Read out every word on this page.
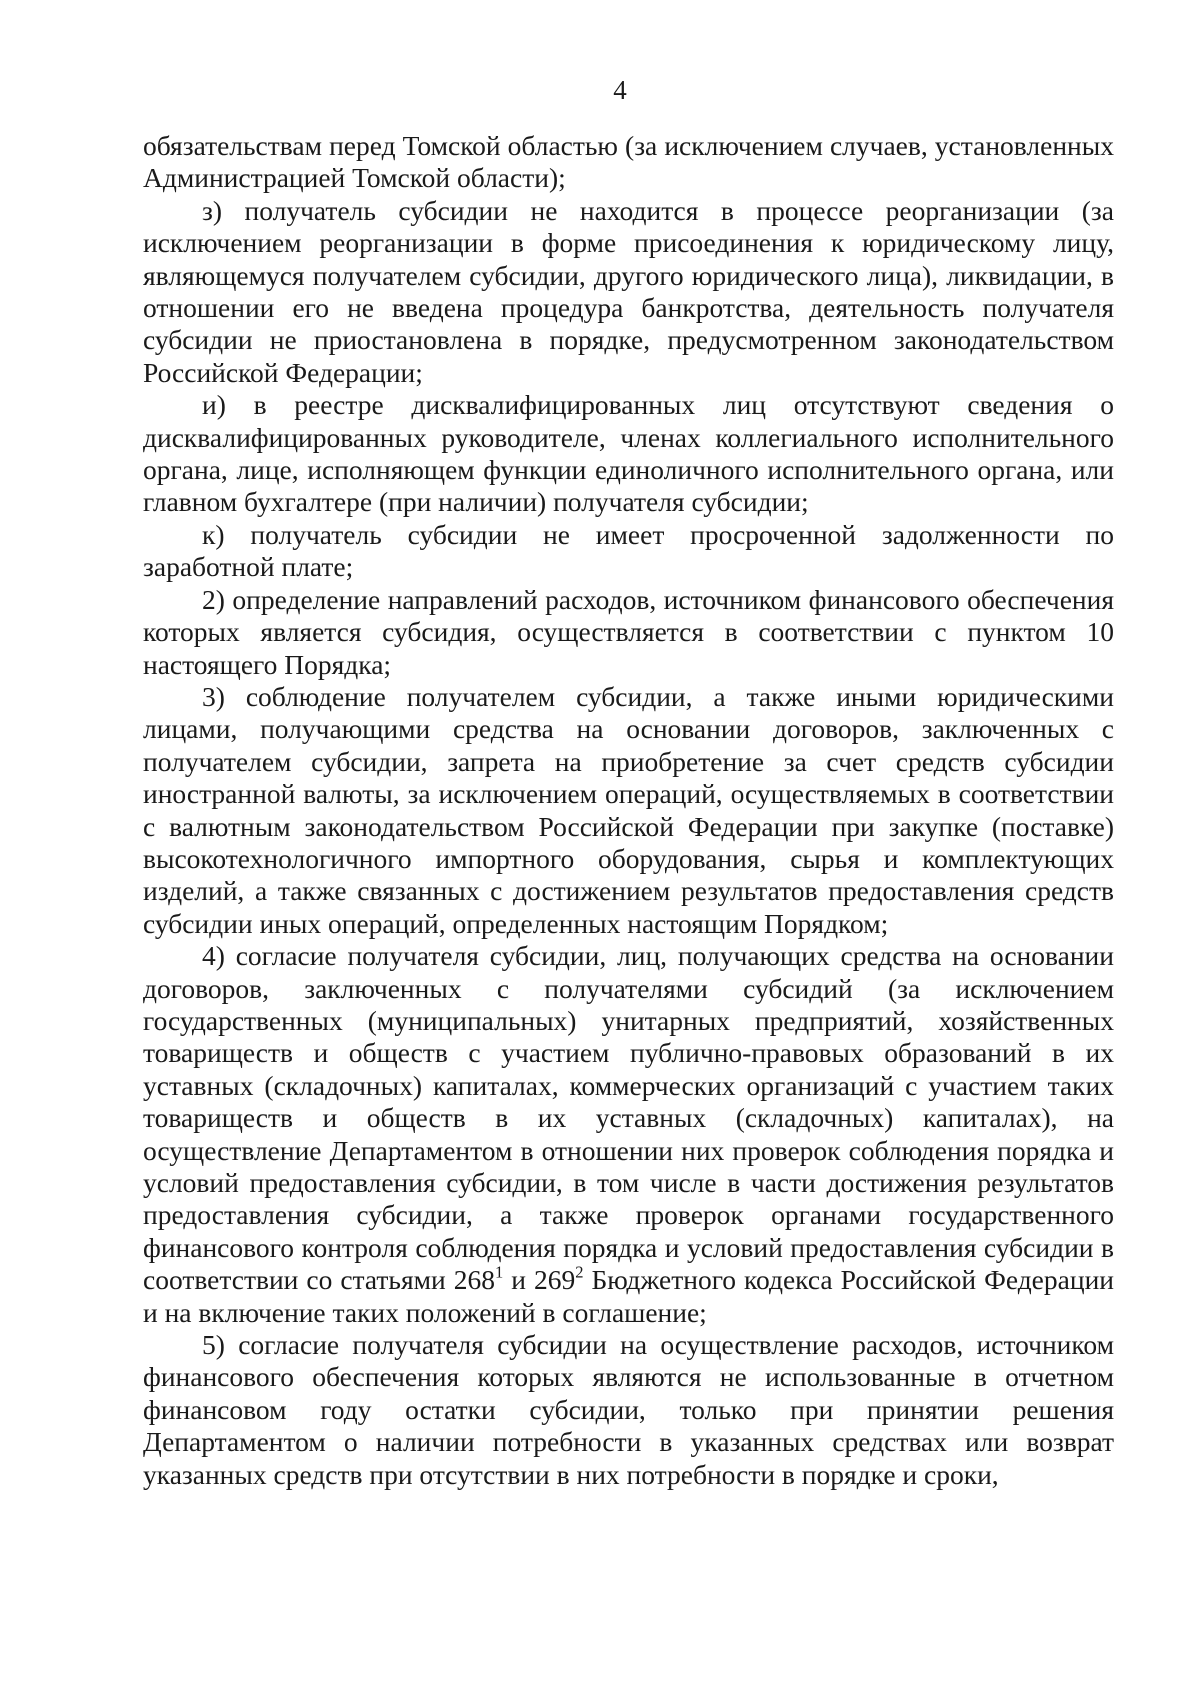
4

обязательствам перед Томской областью (за исключением случаев, установленных Администрацией Томской области);

з) получатель субсидии не находится в процессе реорганизации (за исключением реорганизации в форме присоединения к юридическому лицу, являющемуся получателем субсидии, другого юридического лица), ликвидации, в отношении его не введена процедура банкротства, деятельность получателя субсидии не приостановлена в порядке, предусмотренном законодательством Российской Федерации;

и) в реестре дисквалифицированных лиц отсутствуют сведения о дисквалифицированных руководителе, членах коллегиального исполнительного органа, лице, исполняющем функции единоличного исполнительного органа, или главном бухгалтере (при наличии) получателя субсидии;

к) получатель субсидии не имеет просроченной задолженности по заработной плате;

2) определение направлений расходов, источником финансового обеспечения которых является субсидия, осуществляется в соответствии с пунктом 10 настоящего Порядка;

3) соблюдение получателем субсидии, а также иными юридическими лицами, получающими средства на основании договоров, заключенных с получателем субсидии, запрета на приобретение за счет средств субсидии иностранной валюты, за исключением операций, осуществляемых в соответствии с валютным законодательством Российской Федерации при закупке (поставке) высокотехнологичного импортного оборудования, сырья и комплектующих изделий, а также связанных с достижением результатов предоставления средств субсидии иных операций, определенных настоящим Порядком;

4) согласие получателя субсидии, лиц, получающих средства на основании договоров, заключенных с получателями субсидий (за исключением государственных (муниципальных) унитарных предприятий, хозяйственных товариществ и обществ с участием публично-правовых образований в их уставных (складочных) капиталах, коммерческих организаций с участием таких товариществ и обществ в их уставных (складочных) капиталах), на осуществление Департаментом в отношении них проверок соблюдения порядка и условий предоставления субсидии, в том числе в части достижения результатов предоставления субсидии, а также проверок органами государственного финансового контроля соблюдения порядка и условий предоставления субсидии в соответствии со статьями $268^1$ и $269^2$ Бюджетного кодекса Российской Федерации и на включение таких положений в соглашение;

5) согласие получателя субсидии на осуществление расходов, источником финансового обеспечения которых являются не использованные в отчетном финансовом году остатки субсидии, только при принятии решения Департаментом о наличии потребности в указанных средствах или возврат указанных средств при отсутствии в них потребности в порядке и сроки,
